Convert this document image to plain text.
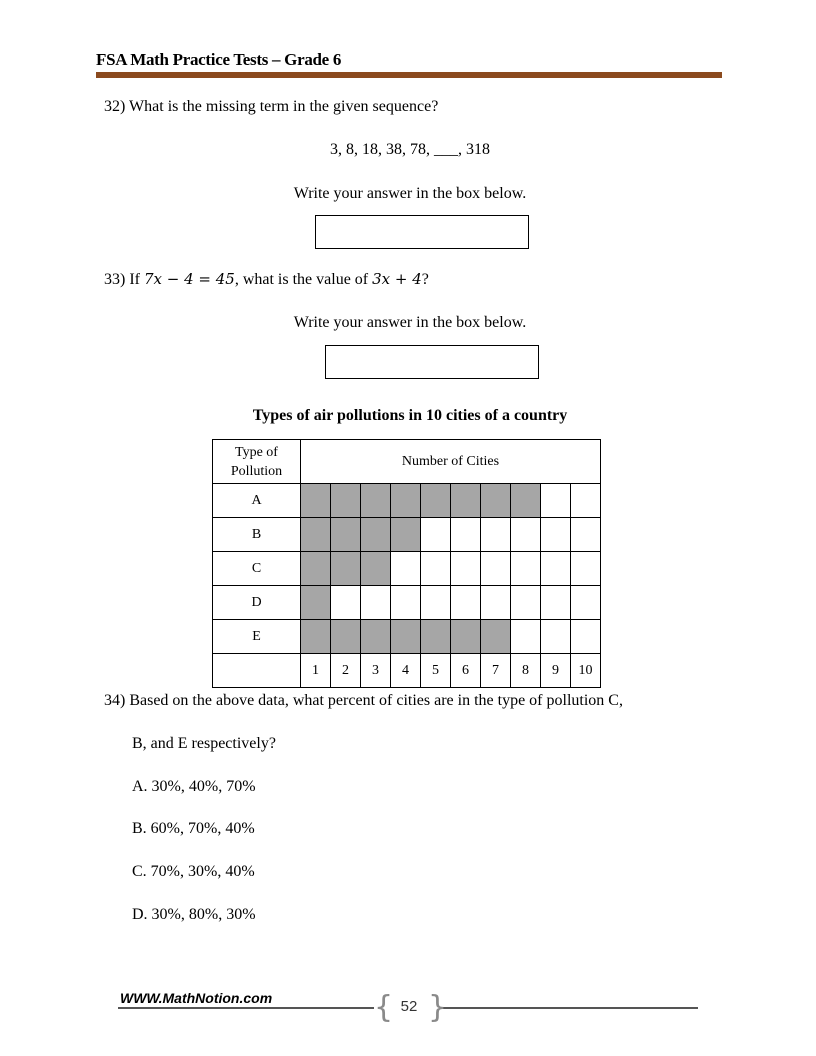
FSA Math Practice Tests – Grade 6
32) What is the missing term in the given sequence?
3, 8, 18, 38, 78, ___, 318
Write your answer in the box below.
33) If 7x − 4 = 45, what is the value of 3x + 4?
Write your answer in the box below.
Types of air pollutions in 10 cities of a country
Type of
Pollution	Number of Cities									
A										
B										
C										
D										
E										
	1	2	3	4	5	6	7	8	9	10
34) Based on the above data, what percent of cities are in the type of pollution C,
B, and E respectively?
A. 30%, 40%, 70%
B. 60%, 70%, 40%
C. 70%, 30%, 40%
D. 30%, 80%, 30%
WWW.MathNotion.com	{ }
52
